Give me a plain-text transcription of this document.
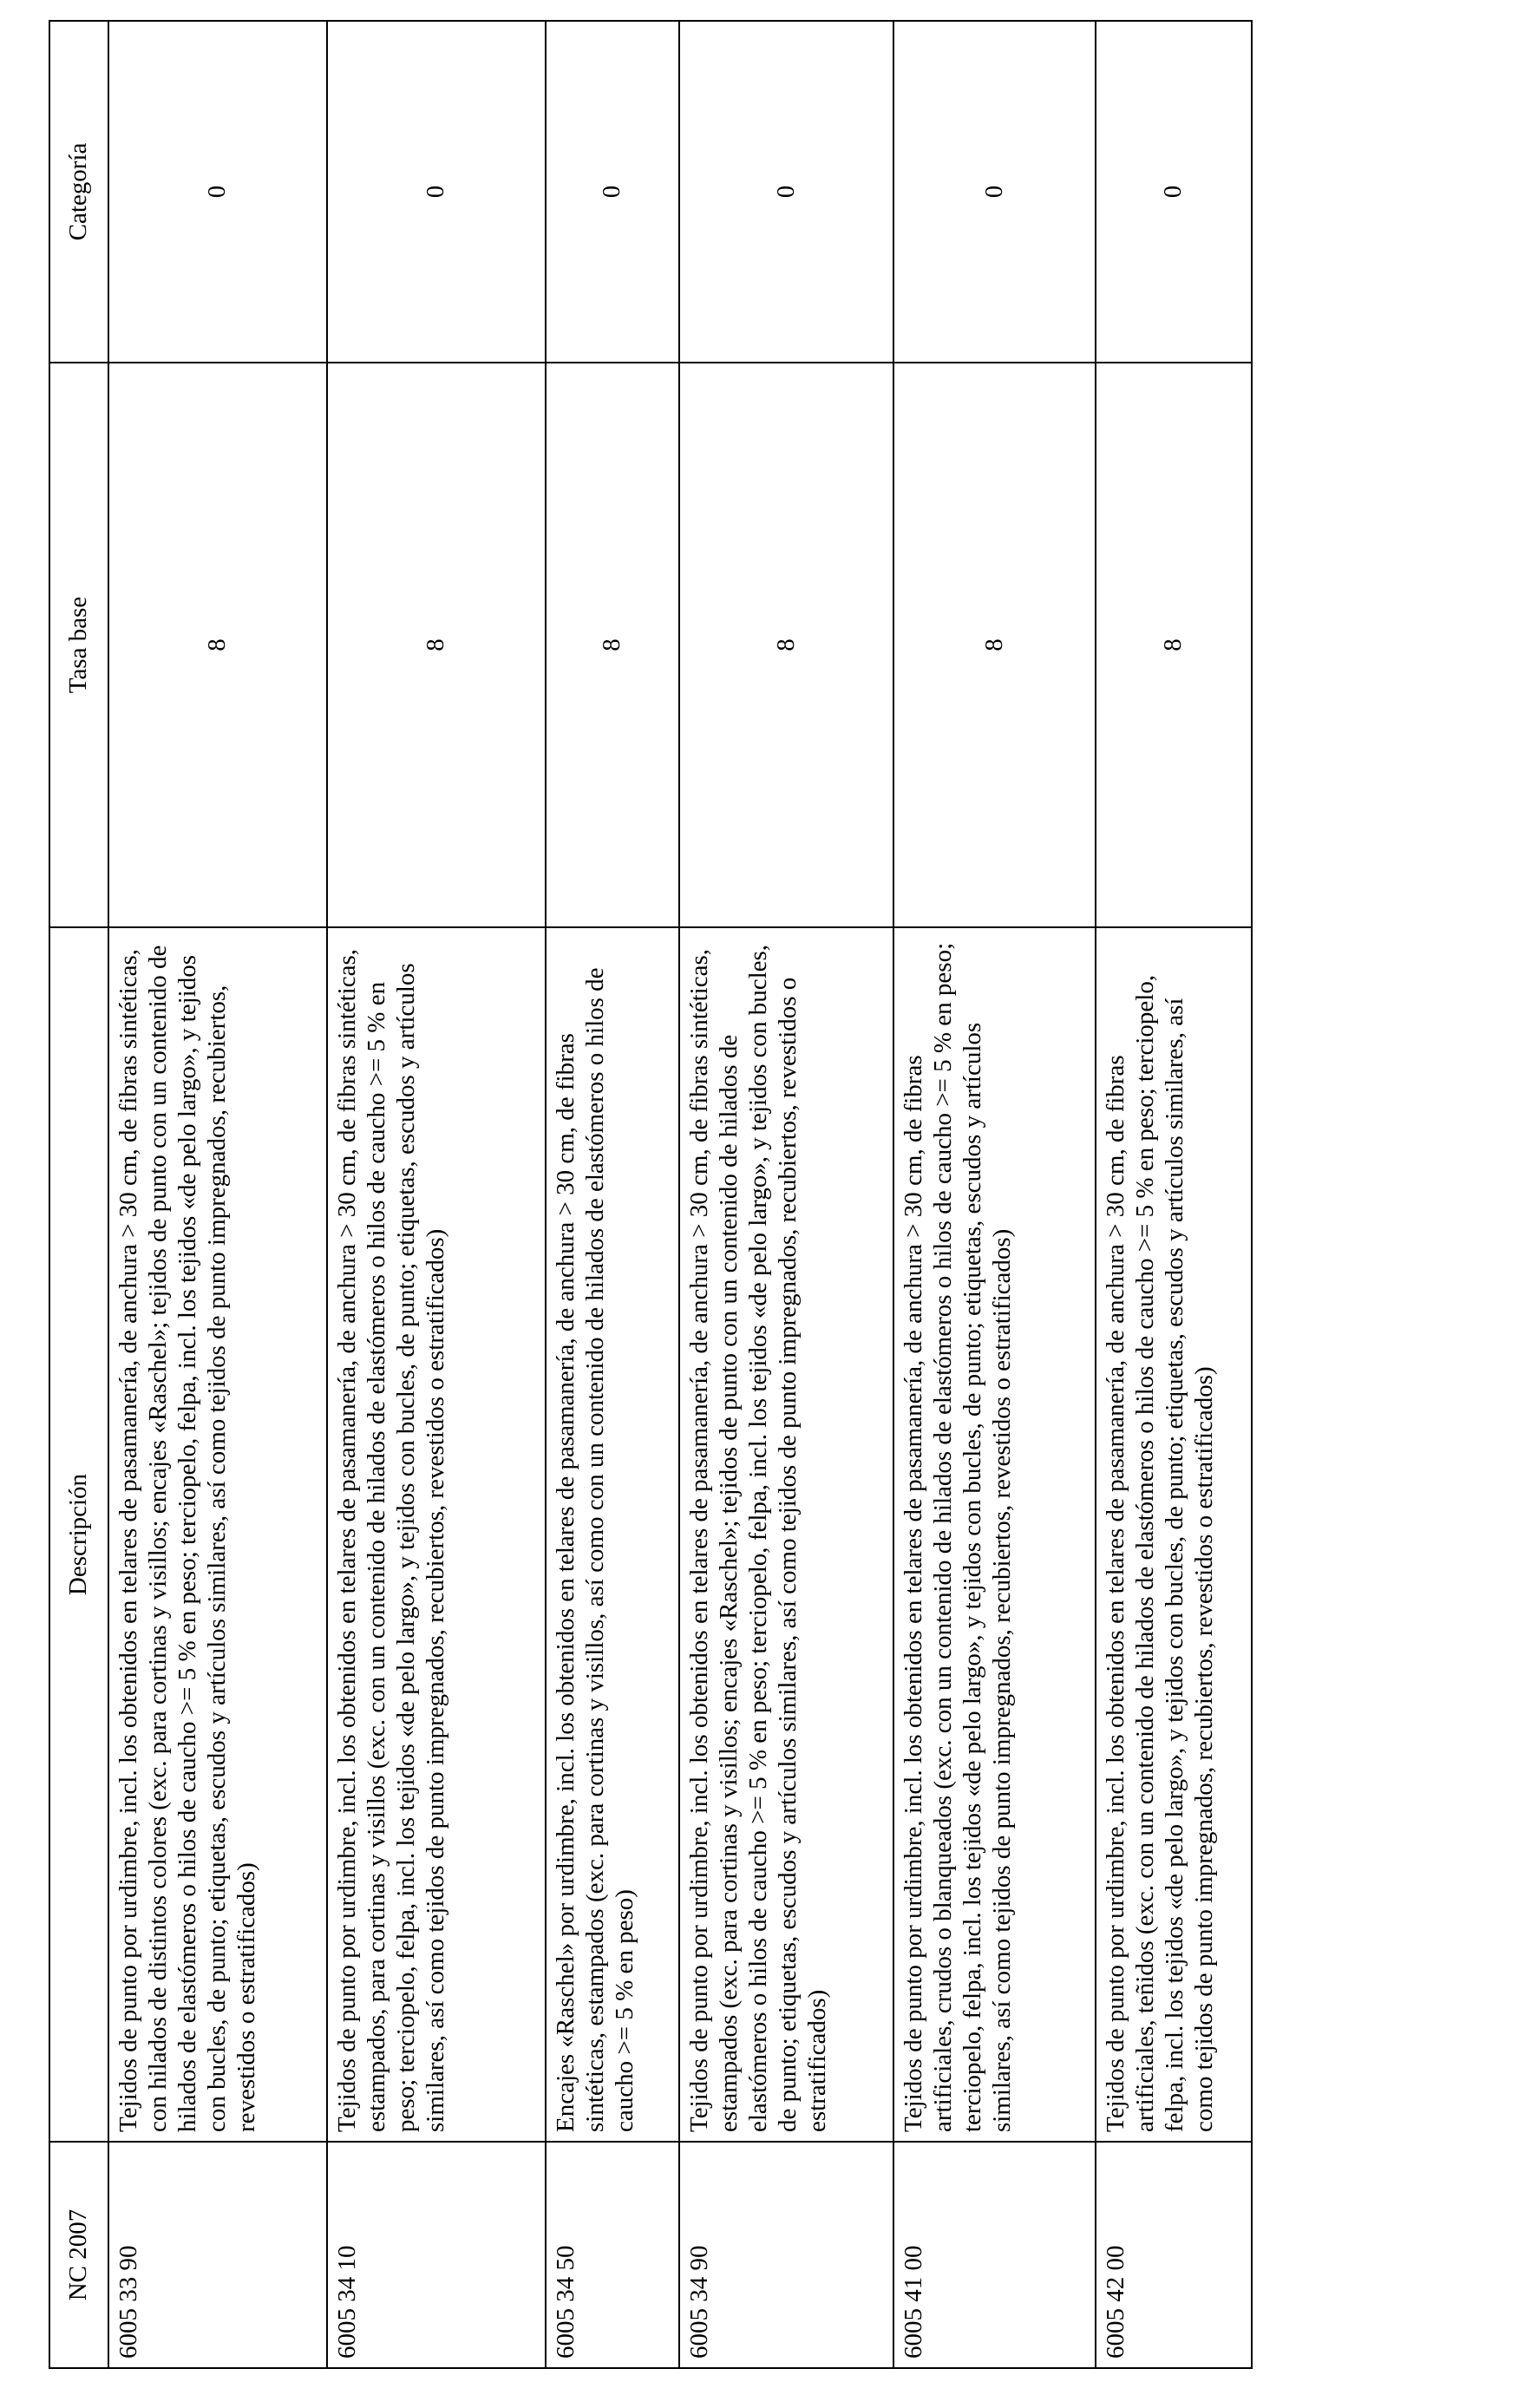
NC 2007	Descripción	Tasa base	Categoría
6005 33 90	Tejidos de punto por urdimbre, incl. los obtenidos en telares de pasamanería, de anchura > 30 cm, de fibras sintéticas, con hilados de distintos colores (exc. para cortinas y visillos; encajes «Raschel»; tejidos de punto con un contenido de hilados de elastómeros o hilos de caucho >= 5 % en peso; terciopelo, felpa, incl. los tejidos «de pelo largo», y tejidos con bucles, de punto; etiquetas, escudos y artículos similares, así como tejidos de punto impregnados, recubiertos, revestidos o estratificados)	8	0
6005 34 10	Tejidos de punto por urdimbre, incl. los obtenidos en telares de pasamanería, de anchura > 30 cm, de fibras sintéticas, estampados, para cortinas y visillos (exc. con un contenido de hilados de elastómeros o hilos de caucho >= 5 % en peso; terciopelo, felpa, incl. los tejidos «de pelo largo», y tejidos con bucles, de punto; etiquetas, escudos y artículos similares, así como tejidos de punto impregnados, recubiertos, revestidos o estratificados)	8	0
6005 34 50	Encajes «Raschel» por urdimbre, incl. los obtenidos en telares de pasamanería, de anchura > 30 cm, de fibras sintéticas, estampados (exc. para cortinas y visillos, así como con un contenido de hilados de elastómeros o hilos de caucho >= 5 % en peso)	8	0
6005 34 90	Tejidos de punto por urdimbre, incl. los obtenidos en telares de pasamanería, de anchura > 30 cm, de fibras sintéticas, estampados (exc. para cortinas y visillos; encajes «Raschel»; tejidos de punto con un contenido de hilados de elastómeros o hilos de caucho >= 5 % en peso; terciopelo, felpa, incl. los tejidos «de pelo largo», y tejidos con bucles, de punto; etiquetas, escudos y artículos similares, así como tejidos de punto impregnados, recubiertos, revestidos o estratificados)	8	0
6005 41 00	Tejidos de punto por urdimbre, incl. los obtenidos en telares de pasamanería, de anchura > 30 cm, de fibras artificiales, crudos o blanqueados (exc. con un contenido de hilados de elastómeros o hilos de caucho >= 5 % en peso; terciopelo, felpa, incl. los tejidos «de pelo largo», y tejidos con bucles, de punto; etiquetas, escudos y artículos similares, así como tejidos de punto impregnados, recubiertos, revestidos o estratificados)	8	0
6005 42 00	Tejidos de punto por urdimbre, incl. los obtenidos en telares de pasamanería, de anchura > 30 cm, de fibras artificiales, teñidos (exc. con un contenido de hilados de elastómeros o hilos de caucho >= 5 % en peso; terciopelo, felpa, incl. los tejidos «de pelo largo», y tejidos con bucles, de punto; etiquetas, escudos y artículos similares, así como tejidos de punto impregnados, recubiertos, revestidos o estratificados)	8	0
